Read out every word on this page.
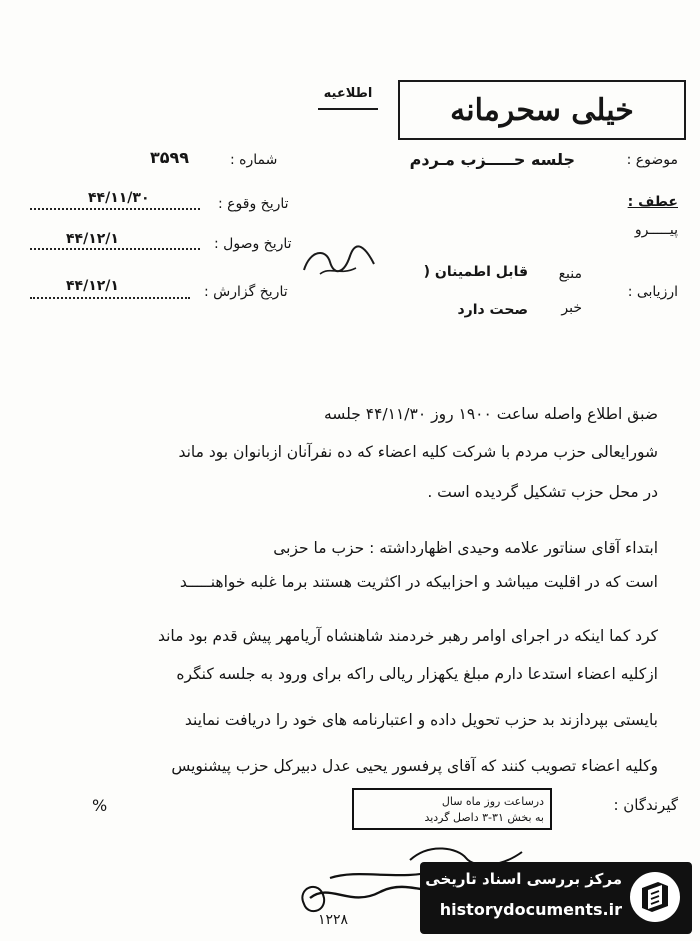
خیلی سحرمانه
اطلاعیه
موضوع :
جلسه حـــــزب مـردم
عطف :
پیـــــرو
شماره :
۳۵۹۹
تاریخ وقوع :
۴۴/۱۱/۳۰
تاریخ وصول :
۴۴/۱۲/۱
تاریخ گزارش :
۴۴/۱۲/۱	ارزیابی :
منبع
قابل اطمینان (
خبر
صحت دارد
ضبق اطلاع واصله ساعت ۱۹۰۰ روز ۴۴/۱۱/۳۰ جلسه
شورایعالی حزب مردم با شرکت کلیه اعضاء که ده نفرآنان ازبانوان بود ماند
در محل حزب تشکیل گردیده است .
ابتداء آقای سناتور علامه وحیدی اظهارداشته : حزب ما حزبی
است که در اقلیت میباشد و احزابیکه در اکثریت هستند برما غلبه خواهنـــــد
کرد کما اینکه در اجرای اوامر رهبر خردمند شاهنشاه آریامهر پیش قدم بود ماند
ازکلیه اعضاء استدعا دارم مبلغ یکهزار ریالی راکه برای ورود به جلسه کنگره
بایستی بپردازند بد حزب تحویل داده و اعتبارنامه های خود را دریافت نمایند
وکلیه اعضاء تصویب کنند که آقای پرفسور یحیی عدل دبیرکل حزب پیشنویس
گیرندگان :
%	درساعت روز ماه سال
به بخش ۳۱-۳ داصل گردید
۱۲۲۸
مرکز بررسی اسناد تاریخی
historydocuments.ir
